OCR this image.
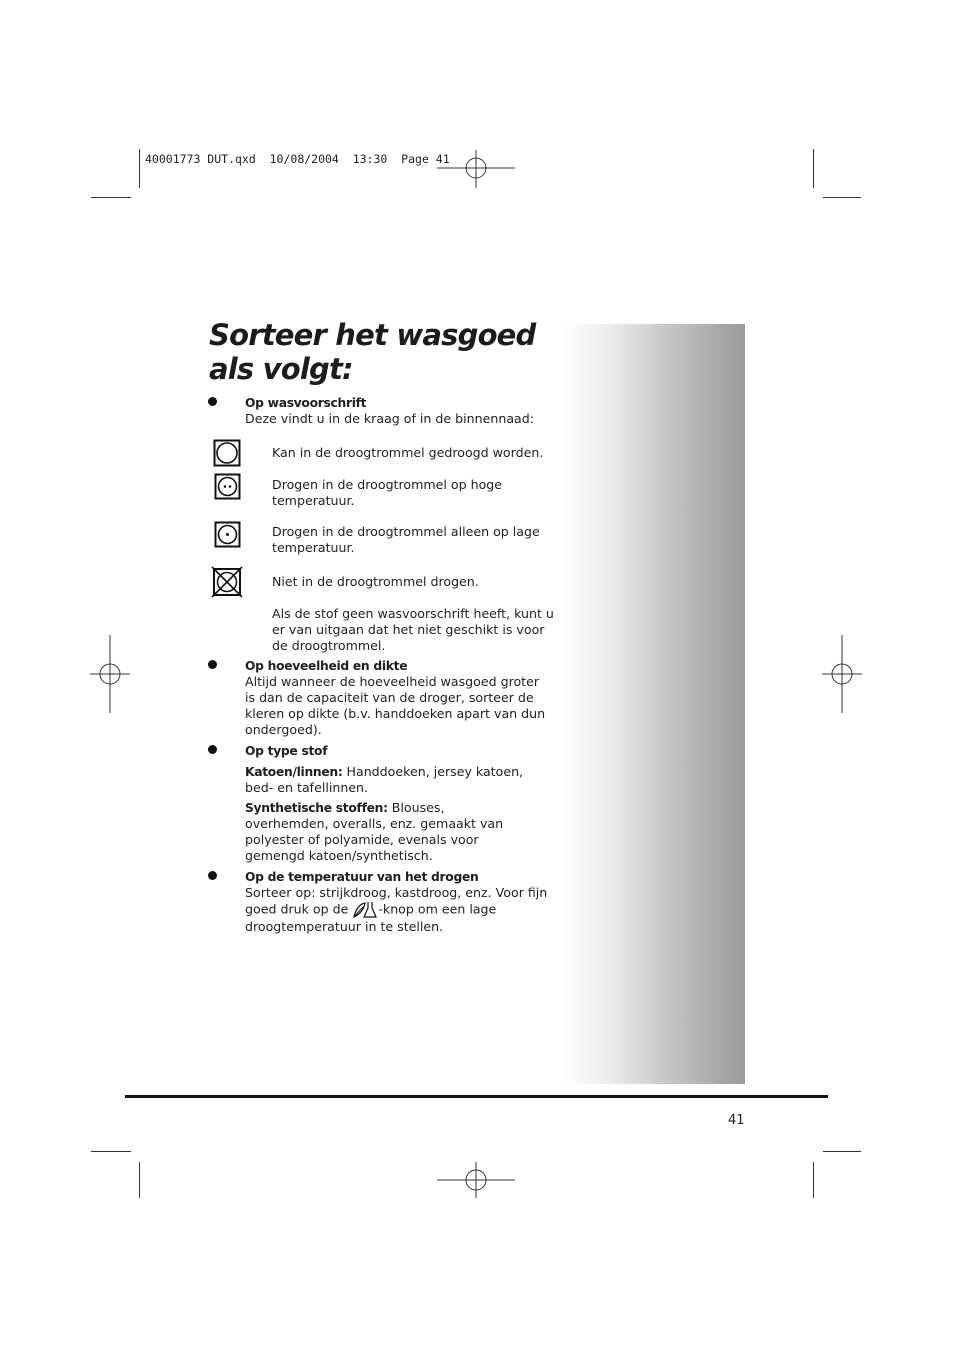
40001773 DUT.qxd  10/08/2004  13:30  Page 41
Sorteer het wasgoed als volgt:
Op wasvoorschrift
Deze vindt u in de kraag of in de binnennaad:
Kan in de droogtrommel gedroogd worden.
Drogen in de droogtrommel op hoge temperatuur.
Drogen in de droogtrommel alleen op lage temperatuur.
Niet in de droogtrommel drogen.
Als de stof geen wasvoorschrift heeft, kunt u er van uitgaan dat het niet geschikt is voor de droogtrommel.
Op hoeveelheid en dikte
Altijd wanneer de hoeveelheid wasgoed groter is dan de capaciteit van de droger, sorteer de kleren op dikte (b.v. handdoeken apart van dun ondergoed).
Op type stof
Katoen/linnen: Handdoeken, jersey katoen, bed- en tafellinnen.
Synthetische stoffen: Blouses, overhemden, overalls, enz. gemaakt van polyester of polyamide, evenals voor gemengd katoen/synthetisch.
Op de temperatuur van het drogen
Sorteer op: strijkdroog, kastdroog, enz. Voor fijn goed druk op de -knop om een lage droogtemperatuur in te stellen.
41
